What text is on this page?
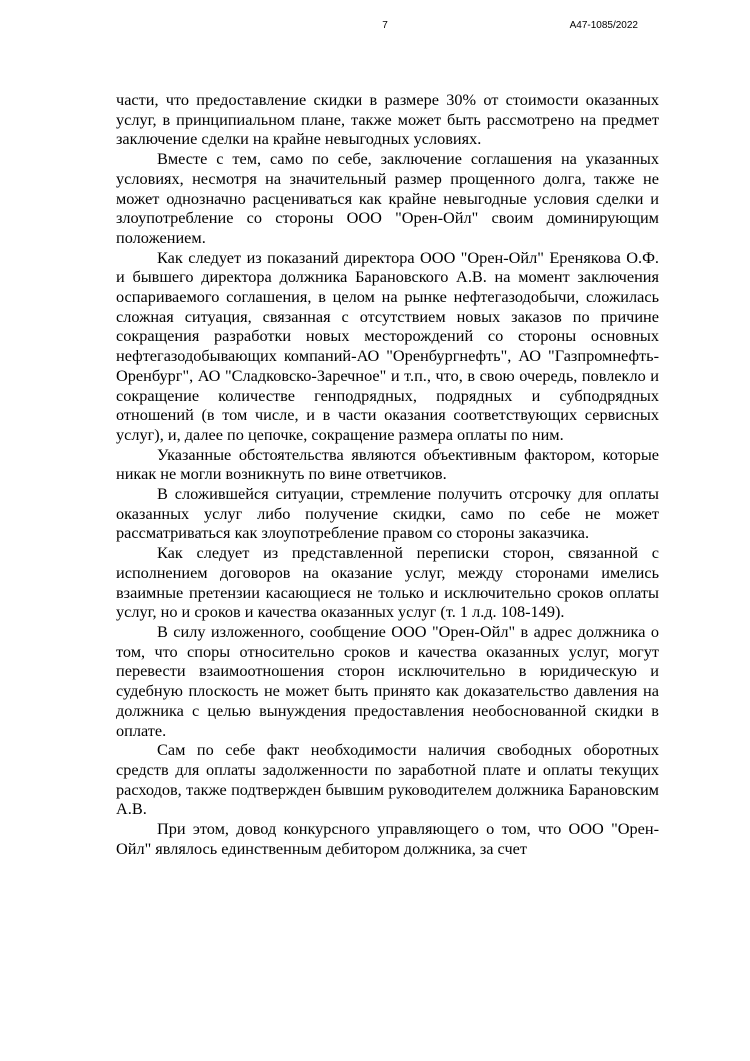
7	А47-1085/2022

части, что предоставление скидки в размере 30% от стоимости оказанных услуг, в принципиальном плане, также может быть рассмотрено на предмет заключение сделки на крайне невыгодных условиях.

Вместе с тем, само по себе, заключение соглашения на указанных условиях, несмотря на значительный размер прощенного долга, также не может однозначно расцениваться как крайне невыгодные условия сделки и злоупотребление со стороны ООО "Орен-Ойл" своим доминирующим положением.

Как следует из показаний директора ООО "Орен-Ойл" Еренякова О.Ф. и бывшего директора должника Барановского А.В. на момент заключения оспариваемого соглашения, в целом на рынке нефтегазодобычи, сложилась сложная ситуация, связанная с отсутствием новых заказов по причине сокращения разработки новых месторождений со стороны основных нефтегазодобывающих компаний-АО "Оренбургнефть", АО "Газпромнефть-Оренбург", АО "Сладковско-Заречное" и т.п., что, в свою очередь, повлекло и сокращение количестве генподрядных, подрядных и субподрядных отношений (в том числе, и в части оказания соответствующих сервисных услуг), и, далее по цепочке, сокращение размера оплаты по ним.

Указанные обстоятельства являются объективным фактором, которые никак не могли возникнуть по вине ответчиков.

В сложившейся ситуации, стремление получить отсрочку для оплаты оказанных услуг либо получение скидки, само по себе не может рассматриваться как злоупотребление правом со стороны заказчика.

Как следует из представленной переписки сторон, связанной с исполнением договоров на оказание услуг, между сторонами имелись взаимные претензии касающиеся не только и исключительно сроков оплаты услуг, но и сроков и качества оказанных услуг (т. 1 л.д. 108-149).

В силу изложенного, сообщение ООО "Орен-Ойл" в адрес должника о том, что споры относительно сроков и качества оказанных услуг, могут перевести взаимоотношения сторон исключительно в юридическую и судебную плоскость не может быть принято как доказательство давления на должника с целью вынуждения предоставления необоснованной скидки в оплате.

Сам по себе факт необходимости наличия свободных оборотных средств для оплаты задолженности по заработной плате и оплаты текущих расходов, также подтвержден бывшим руководителем должника Барановским А.В.

При этом, довод конкурсного управляющего о том, что ООО "Орен-Ойл" являлось единственным дебитором должника, за счет
